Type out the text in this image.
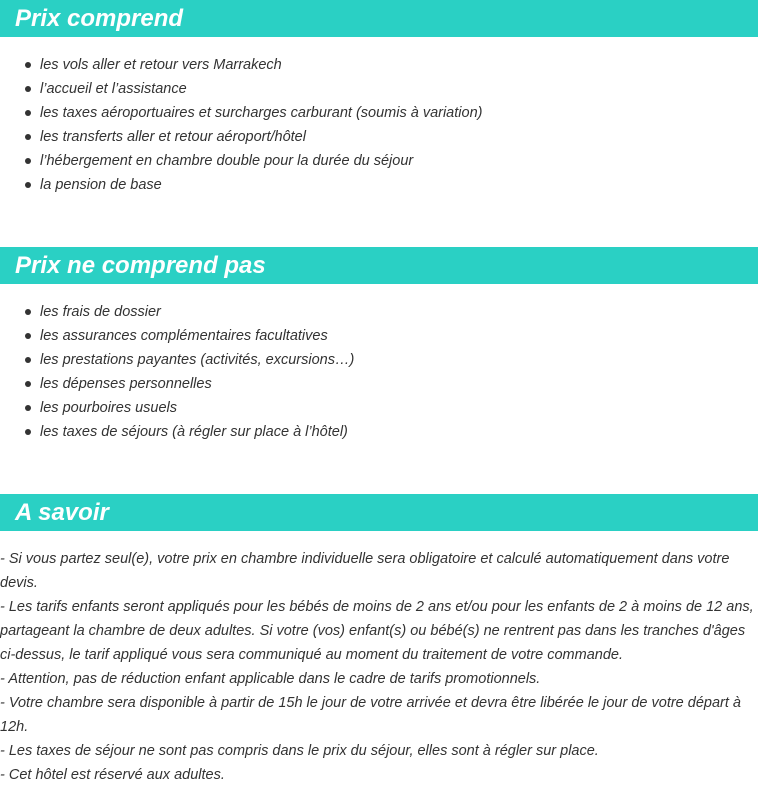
Prix comprend
les vols aller et retour vers Marrakech
l’accueil et l’assistance
les taxes aéroportuaires et surcharges carburant (soumis à variation)
les transferts aller et retour aéroport/hôtel
l’hébergement en chambre double pour la durée du séjour
la pension de base
Prix ne comprend pas
les frais de dossier
les assurances complémentaires facultatives
les prestations payantes (activités, excursions…)
les dépenses personnelles
les pourboires usuels
les taxes de séjours (à régler sur place à l’hôtel)
A savoir

- Si vous partez seul(e), votre prix en chambre individuelle sera obligatoire et calculé automatiquement dans votre devis.

- Les tarifs enfants seront appliqués pour les bébés de moins de 2 ans et/ou pour les enfants de 2 à moins de 12 ans, partageant la chambre de deux adultes. Si votre (vos) enfant(s) ou bébé(s) ne rentrent pas dans les tranches d'âges ci-dessus, le tarif appliqué vous sera communiqué au moment du traitement de votre commande.

- Attention, pas de réduction enfant applicable dans le cadre de tarifs promotionnels.

- Votre chambre sera disponible à partir de 15h le jour de votre arrivée et devra être libérée le jour de votre départ à 12h.

- Les taxes de séjour ne sont pas compris dans le prix du séjour, elles sont à régler sur place.

- Cet hôtel est réservé aux adultes.
